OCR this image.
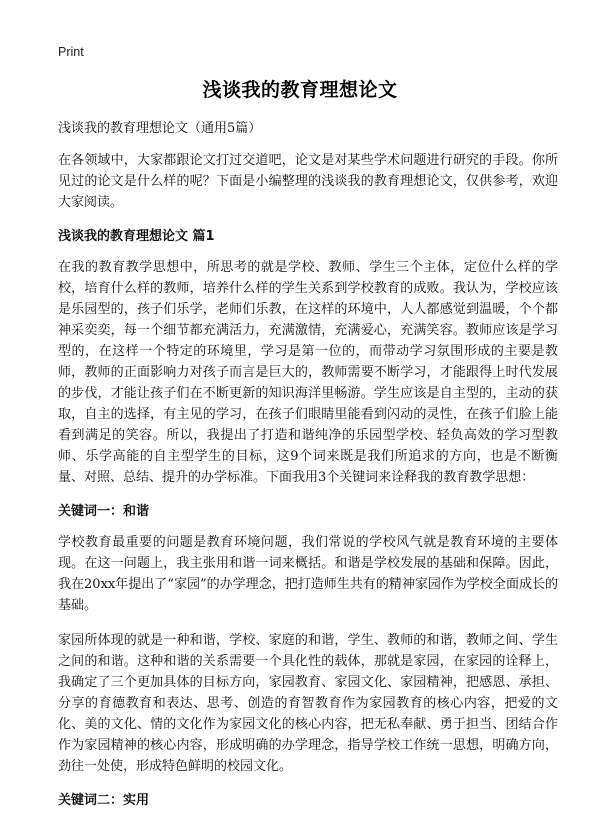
Print
浅谈我的教育理想论文

浅谈我的教育理想论文（通用5篇）

在各领域中，大家都跟论文打过交道吧，论文是对某些学术问题进行研究的手段。你所见过的论文是什么样的呢？下面是小编整理的浅谈我的教育理想论文，仅供参考，欢迎大家阅读。

浅谈我的教育理想论文 篇1

在我的教育教学思想中，所思考的就是学校、教师、学生三个主体，定位什么样的学校，培育什么样的教师，培养什么样的学生关系到学校教育的成败。我认为，学校应该是乐园型的，孩子们乐学，老师们乐教，在这样的环境中，人人都感觉到温暖，个个都神采奕奕，每一个细节都充满活力，充满激情，充满爱心，充满笑容。教师应该是学习型的，在这样一个特定的环境里，学习是第一位的，而带动学习氛围形成的主要是教师，教师的正面影响力对孩子而言是巨大的，教师需要不断学习，才能跟得上时代发展的步伐，才能让孩子们在不断更新的知识海洋里畅游。学生应该是自主型的，主动的获取，自主的选择，有主见的学习，在孩子们眼睛里能看到闪动的灵性，在孩子们脸上能看到满足的笑容。所以，我提出了打造和谐纯净的乐园型学校、轻负高效的学习型教师、乐学高能的自主型学生的目标，这9个词来既是我们所追求的方向，也是不断衡量、对照、总结、提升的办学标准。下面我用3个关键词来诠释我的教育教学思想：

关键词一：和谐

学校教育最重要的问题是教育环境问题，我们常说的学校风气就是教育环境的主要体现。在这一问题上，我主张用和谐一词来概括。和谐是学校发展的基础和保障。因此，我在20xx年提出了“家园”的办学理念，把打造师生共有的精神家园作为学校全面成长的基础。

家园所体现的就是一种和谐，学校、家庭的和谐，学生、教师的和谐，教师之间、学生之间的和谐。这种和谐的关系需要一个具化性的载体，那就是家园，在家园的诠释上，我确定了三个更加具体的目标方向，家园教育、家园文化、家园精神，把感恩、承担、分享的育德教育和表达、思考、创造的育智教育作为家园教育的核心内容，把爱的文化、美的文化、情的文化作为家园文化的核心内容，把无私奉献、勇于担当、团结合作作为家园精神的核心内容，形成明确的办学理念，指导学校工作统一思想，明确方向，劲往一处使，形成特色鲜明的校园文化。

关键词二：实用
